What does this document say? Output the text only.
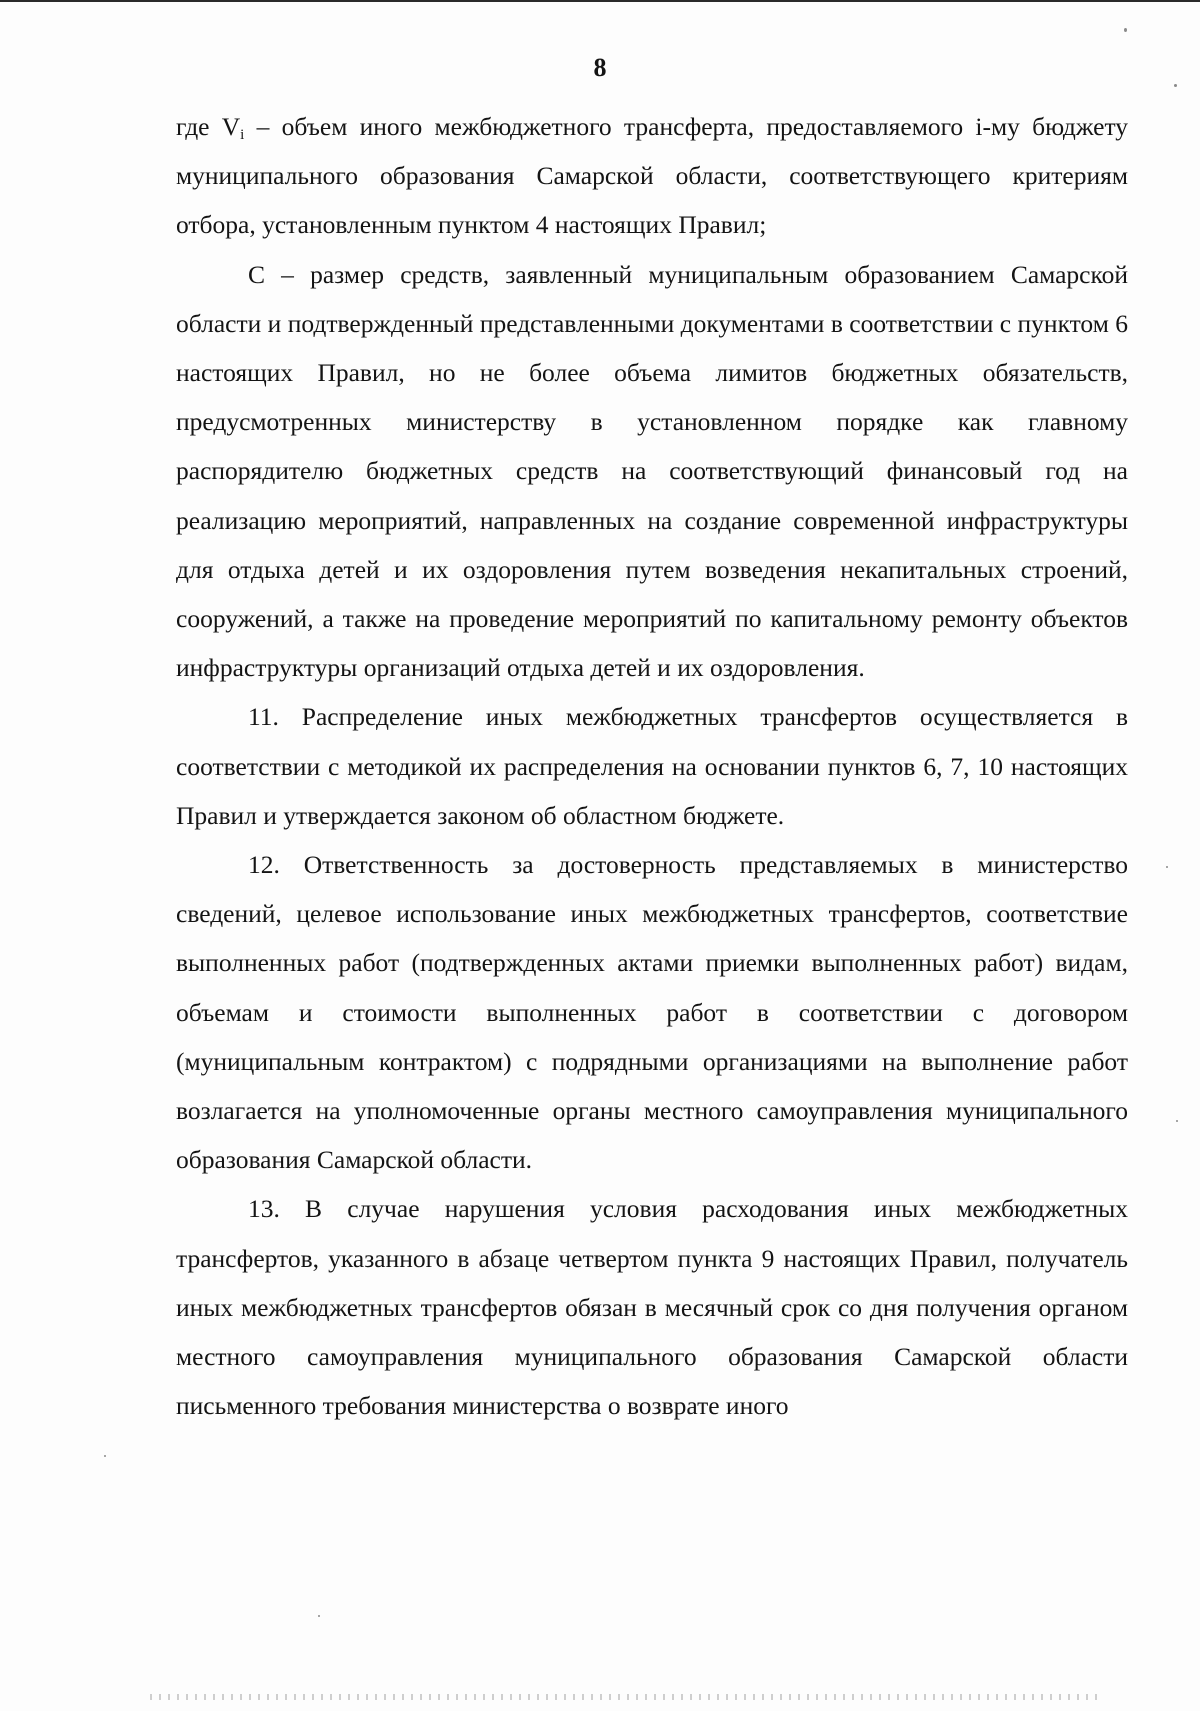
8

где $V_i$ – объем иного межбюджетного трансферта, предоставляемого i-му бюджету муниципального образования Самарской области, соответствующего критериям отбора, установленным пунктом 4 настоящих Правил;

С – размер средств, заявленный муниципальным образованием Самарской области и подтвержденный представленными документами в соответствии с пунктом 6 настоящих Правил, но не более объема лимитов бюджетных обязательств, предусмотренных министерству в установленном порядке как главному распорядителю бюджетных средств на соответствующий финансовый год на реализацию мероприятий, направленных на создание современной инфраструктуры для отдыха детей и их оздоровления путем возведения некапитальных строений, сооружений, а также на проведение мероприятий по капитальному ремонту объектов инфраструктуры организаций отдыха детей и их оздоровления.

11. Распределение иных межбюджетных трансфертов осуществляется в соответствии с методикой их распределения на основании пунктов 6, 7, 10 настоящих Правил и утверждается законом об областном бюджете.

12. Ответственность за достоверность представляемых в министерство сведений, целевое использование иных межбюджетных трансфертов, соответствие выполненных работ (подтвержденных актами приемки выполненных работ) видам, объемам и стоимости выполненных работ в соответствии с договором (муниципальным контрактом) с подрядными организациями на выполнение работ возлагается на уполномоченные органы местного самоуправления муниципального образования Самарской области.

13. В случае нарушения условия расходования иных межбюджетных трансфертов, указанного в абзаце четвертом пункта 9 настоящих Правил, получатель иных межбюджетных трансфертов обязан в месячный срок со дня получения органом местного самоуправления муниципального образования Самарской области письменного требования министерства о возврате иного
